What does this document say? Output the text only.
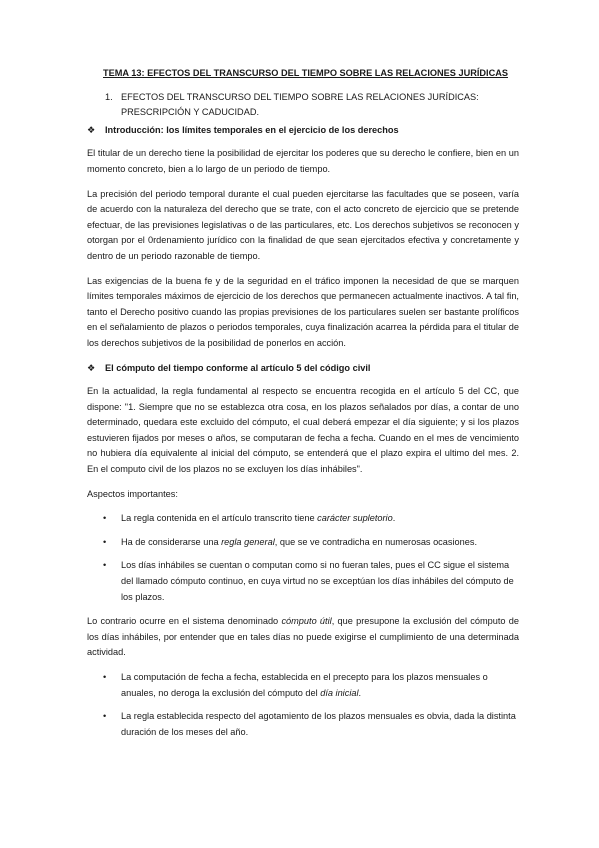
TEMA 13: EFECTOS DEL TRANSCURSO DEL TIEMPO SOBRE LAS RELACIONES JURÍDICAS
1. EFECTOS DEL TRANSCURSO DEL TIEMPO SOBRE LAS RELACIONES JURÍDICAS:
PRESCRIPCIÓN Y CADUCIDAD.
❖	Introducción: los límites temporales en el ejercicio de los derechos

El titular de un derecho tiene la posibilidad de ejercitar los poderes que su derecho le confiere, bien en un momento concreto, bien a lo largo de un periodo de tiempo.

La precisión del periodo temporal durante el cual pueden ejercitarse las facultades que se poseen, varía de acuerdo con la naturaleza del derecho que se trate, con el acto concreto de ejercicio que se pretende efectuar, de las previsiones legislativas o de las particulares, etc. Los derechos subjetivos se reconocen y otorgan por el 0rdenamiento jurídico con la finalidad de que sean ejercitados efectiva y concretamente y dentro de un periodo razonable de tiempo.

Las exigencias de la buena fe y de la seguridad en el tráfico imponen la necesidad de que se marquen límites temporales máximos de ejercicio de los derechos que permanecen actualmente inactivos. A tal fin, tanto el Derecho positivo cuando las propias previsiones de los particulares suelen ser bastante prolíficos en el señalamiento de plazos o periodos temporales, cuya finalización acarrea la pérdida para el titular de los derechos subjetivos de la posibilidad de ponerlos en acción.

❖	El cómputo del tiempo conforme al artículo 5 del código civil

En la actualidad, la regla fundamental al respecto se encuentra recogida en el artículo 5 del CC, que dispone: "1. Siempre que no se establezca otra cosa, en los plazos señalados por días, a contar de uno determinado, quedara este excluido del cómputo, el cual deberá empezar el día siguiente; y si los plazos estuvieren fijados por meses o años, se computaran de fecha a fecha. Cuando en el mes de vencimiento no hubiera día equivalente al inicial del cómputo, se entenderá que el plazo expira el ultimo del mes. 2. En el computo civil de los plazos no se excluyen los días inhábiles".

Aspectos importantes:

•	La regla contenida en el artículo transcrito tiene carácter supletorio.
•	Ha de considerarse una regla general, que se ve contradicha en numerosas ocasiones.
•	Los días inhábiles se cuentan o computan como si no fueran tales, pues el CC sigue el sistema del llamado cómputo continuo, en cuya virtud no se exceptúan los días inhábiles del cómputo de los plazos.

Lo contrario ocurre en el sistema denominado cómputo útil, que presupone la exclusión del cómputo de los días inhábiles, por entender que en tales días no puede exigirse el cumplimiento de una determinada actividad.

•	La computación de fecha a fecha, establecida en el precepto para los plazos mensuales o anuales, no deroga la exclusión del cómputo del día inicial.
•	La regla establecida respecto del agotamiento de los plazos mensuales es obvia, dada la distinta duración de los meses del año.
